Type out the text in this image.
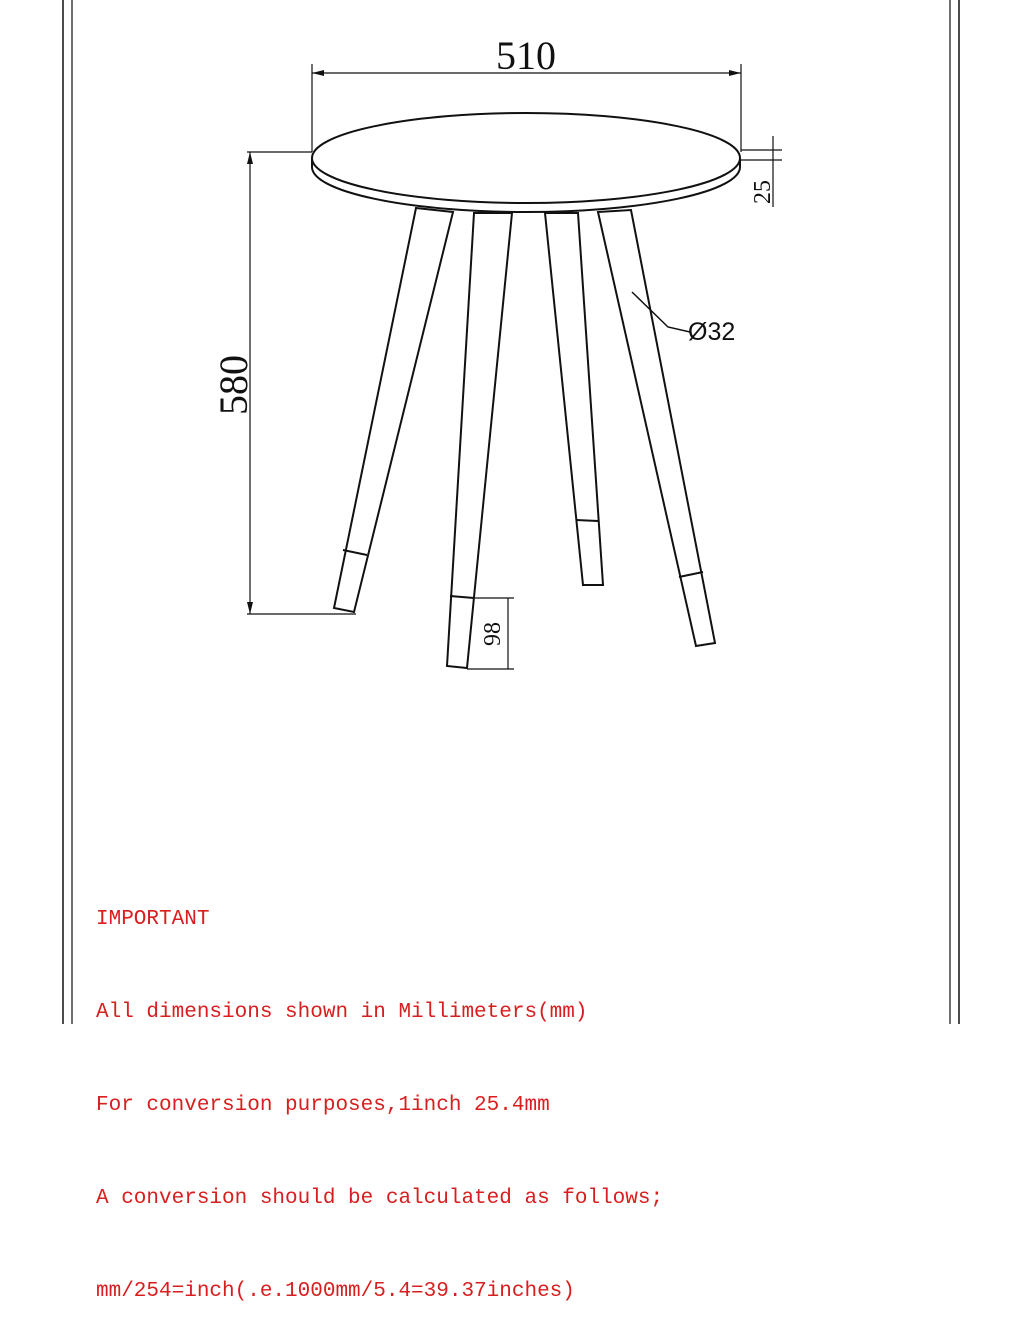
510
25
580
98
Ø32

IMPORTANT

All dimensions shown in Millimeters(mm)

For conversion purposes,1inch 25.4mm

A conversion should be calculated as follows;

mm/254=inch(.e.1000mm/5.4=39.37inches)
